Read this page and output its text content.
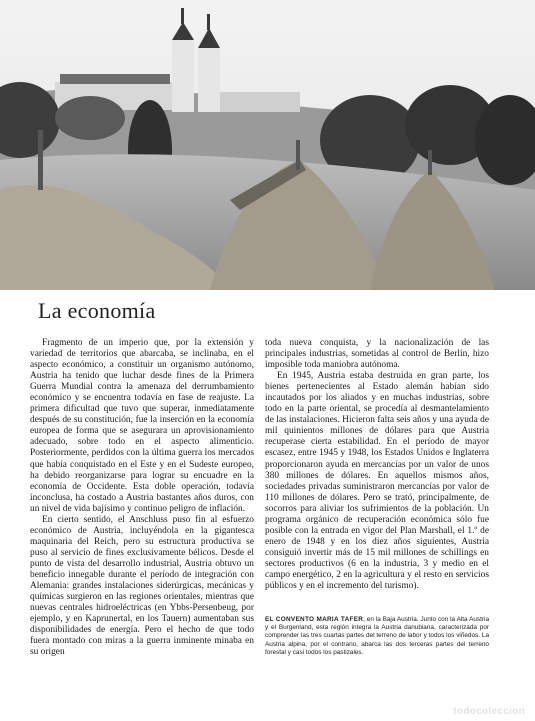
La economía

Fragmento de un imperio que, por la extensión y variedad de territorios que abarcaba, se inclinaba, en el aspecto económico, a constituir un organismo autónomo, Austria ha tenido que luchar desde fines de la Primera Guerra Mundial contra la amenaza del derrumbamiento económico y se encuentra todavía en fase de reajuste. La primera dificultad que tuvo que superar, inmediatamente después de su constitución, fue la inserción en la economía europea de forma que se asegurara un aprovisionamiento adecuado, sobre todo en el aspecto alimenticio. Posteriormente, perdidos con la última guerra los mercados que había conquistado en el Este y en el Sudeste europeo, ha debido reorganizarse para lograr su encuadre en la economía de Occidente. Esta doble operación, todavía inconclusa, ha costado a Austria bastantes años duros, con un nivel de vida bajísimo y continuo peligro de inflación.

En cierto sentido, el Anschluss puso fin al esfuerzo económico de Austria, incluyéndola en la gigantesca maquinaria del Reich, pero su estructura productiva se puso al servicio de fines exclusivamente bélicos. Desde el punto de vista del desarrollo industrial, Austria obtuvo un beneficio innegable durante el período de integración con Alemania: grandes instalaciones siderúrgicas, mecánicas y químicas surgieron en las regiones orientales, mientras que nuevas centrales hidroeléctricas (en Ybbs-Persenbeug, por ejemplo, y en Kaprunertal, en los Tauern) aumentaban sus disponibilidades de energía. Pero el hecho de que todo fuera montado con miras a la guerra inminente minaba en su origen

toda nueva conquista, y la nacionalización de las principales industrias, sometidas al control de Berlín, hizo imposible toda maniobra autónoma.

En 1945, Austria estaba destruida en gran parte, los bienes pertenecientes al Estado alemán habían sido incautados por los aliados y en muchas industrias, sobre todo en la parte oriental, se procedía al desmantelamiento de las instalaciones. Hicieron falta seis años y una ayuda de mil quinientos millones de dólares para que Austria recuperase cierta estabilidad. En el período de mayor escasez, entre 1945 y 1948, los Estados Unidos e Inglaterra proporcionaron ayuda en mercancías por un valor de unos 380 millones de dólares. En aquellos mismos años, sociedades privadas suministraron mercancías por valor de 110 millones de dólares. Pero se trató, principalmente, de socorros para aliviar los sufrimientos de la población. Un programa orgánico de recuperación económica sólo fue posible con la entrada en vigor del Plan Marshall, el 1.º de enero de 1948 y en los diez años siguientes, Austria consiguió invertir más de 15 mil millones de schillings en sectores productivos (6 en la industria, 3 y medio en el campo energético, 2 en la agricultura y el resto en servicios públicos y en el incremento del turismo).

EL CONVENTO MARIA TAFER, en la Baja Austria. Junto con la Alta Austria y el Burgenland, esta región integra la Austria danubiana, caracterizada por comprender las tres cuartas partes del terreno de labor y todos los viñedos. La Austria alpina, por el contrario, abarca las dos terceras partes del terreno forestal y casi todos los pastizales.
todocoleccion
